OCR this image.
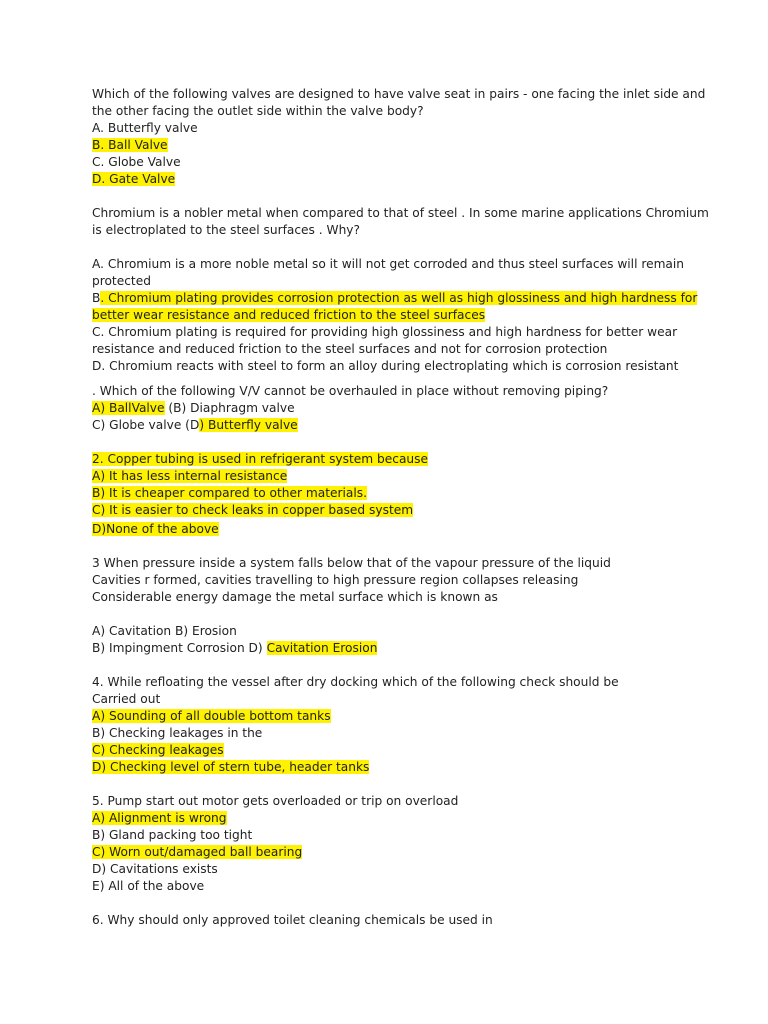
Which of the following valves are designed to have valve seat in pairs - one facing the inlet side and
the other facing the outlet side within the valve body?
A. Butterfly valve
B. Ball Valve
C. Globe Valve
D. Gate Valve
Chromium is a nobler metal when compared to that of steel . In some marine applications Chromium
is electroplated to the steel surfaces . Why?
A. Chromium is a more noble metal so it will not get corroded and thus steel surfaces will remain
protected
B. Chromium plating provides corrosion protection as well as high glossiness and high hardness for
better wear resistance and reduced friction to the steel surfaces
C. Chromium plating is required for providing high glossiness and high hardness for better wear
resistance and reduced friction to the steel surfaces and not for corrosion protection
D. Chromium reacts with steel to form an alloy during electroplating which is corrosion resistant
. Which of the following V/V cannot be overhauled in place without removing piping?
A) BallValve (B) Diaphragm valve
C) Globe valve (D) Butterfly valve
2. Copper tubing is used in refrigerant system because
A) It has less internal resistance
B) It is cheaper compared to other materials.
C) It is easier to check leaks in copper based system
D)None of the above
3 When pressure inside a system falls below that of the vapour pressure of the liquid
Cavities r formed, cavities travelling to high pressure region collapses releasing
Considerable energy damage the metal surface which is known as
A) Cavitation B) Erosion
B) Impingment Corrosion D) Cavitation Erosion
4. While refloating the vessel after dry docking which of the following check should be
Carried out
A) Sounding of all double bottom tanks
B) Checking leakages in the
C) Checking leakages
D) Checking level of stern tube, header tanks
5. Pump start out motor gets overloaded or trip on overload
A) Alignment is wrong
B) Gland packing too tight
C) Worn out/damaged ball bearing
D) Cavitations exists
E) All of the above
6. Why should only approved toilet cleaning chemicals be used in
